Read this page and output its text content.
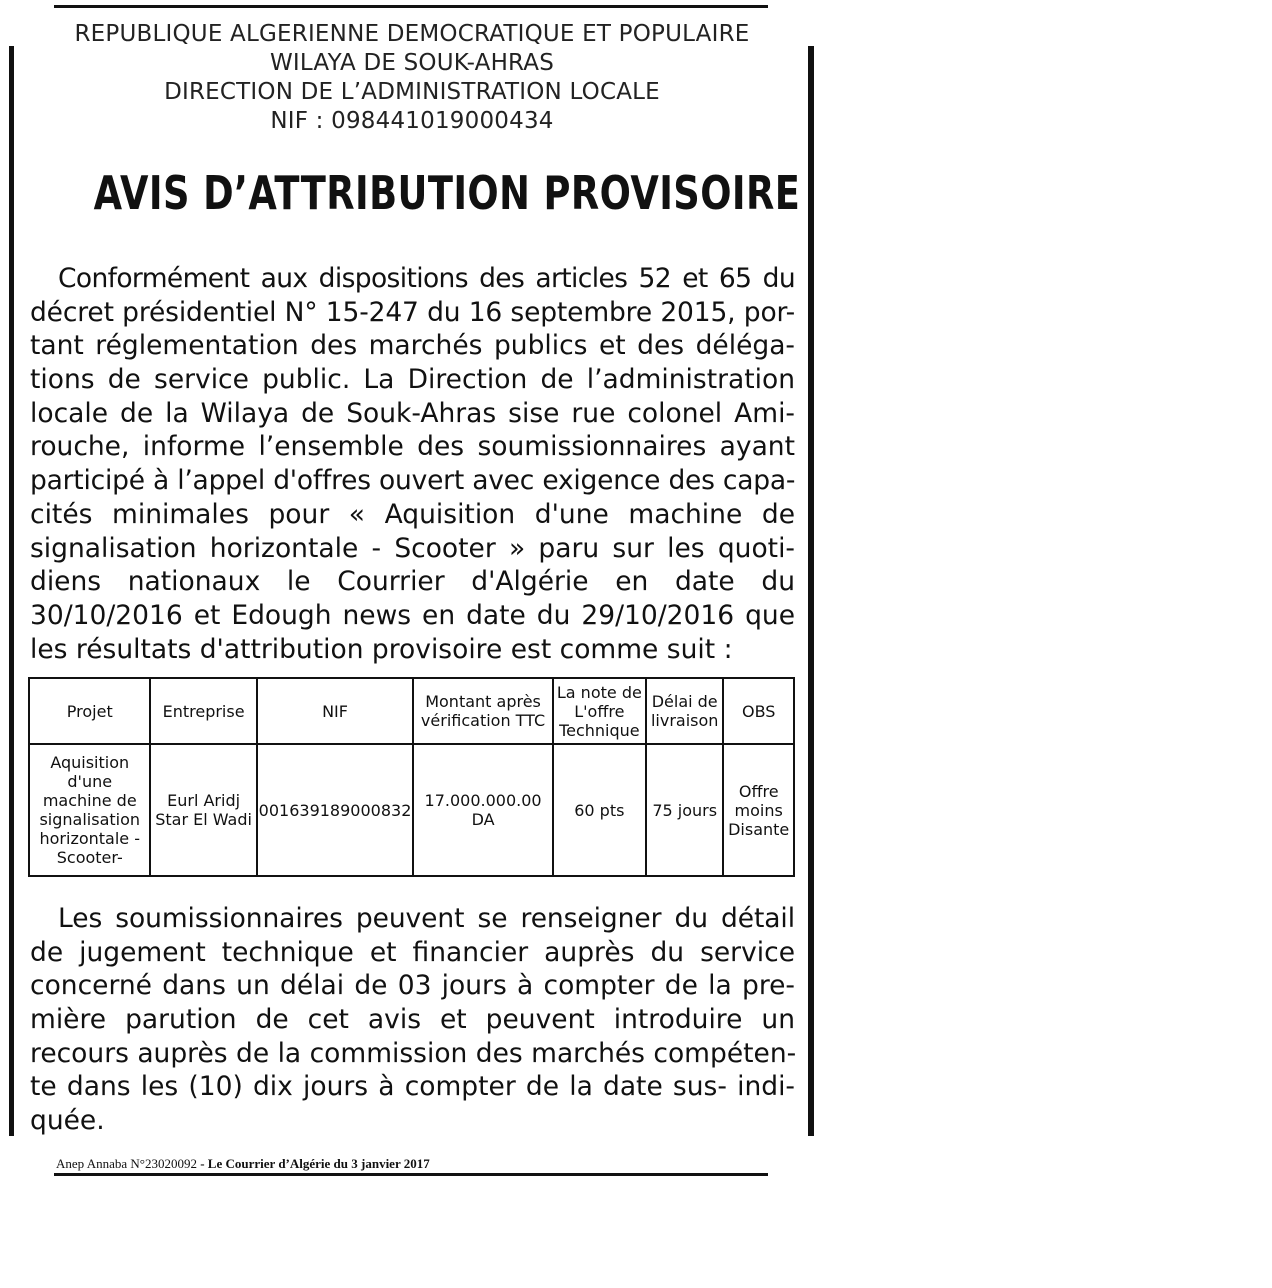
REPUBLIQUE ALGERIENNE DEMOCRATIQUE ET POPULAIRE
WILAYA DE SOUK-AHRAS
DIRECTION DE L’ADMINISTRATION LOCALE
NIF : 098441019000434
AVIS D’ATTRIBUTION PROVISOIRE
Conformément aux dispositions des articles 52 et 65 du
décret présidentiel N° 15-247 du 16 septembre 2015, por-
tant réglementation des marchés publics et des déléga-
tions de service public. La Direction de l’administration
locale de la Wilaya de Souk-Ahras sise rue colonel Ami-
rouche, informe l’ensemble des soumissionnaires ayant
participé à l’appel d'offres ouvert avec exigence des capa-
cités minimales pour « Aquisition d'une machine de
signalisation horizontale - Scooter » paru sur les quoti-
diens nationaux le Courrier d'Algérie en date du
30/10/2016 et Edough news en date du 29/10/2016 que
les résultats d'attribution provisoire est comme suit :
Projet	Entreprise	NIF	Montant après vérification TTC	La note de L'offre Technique	Délai de livraison	OBS
Aquisition d'une machine de signalisation horizontale -Scooter-	Eurl Aridj Star El Wadi	001639189000832	17.000.000.00 DA	60 pts	75 jours	Offre moins Disante
Les soumissionnaires peuvent se renseigner du détail
de jugement technique et financier auprès du service
concerné dans un délai de 03 jours à compter de la pre-
mière parution de cet avis et peuvent introduire un
recours auprès de la commission des marchés compéten-
te dans les (10) dix jours à compter de la date sus- indi-
quée.
Anep Annaba N°23020092 - Le Courrier d’Algérie du 3 janvier 2017
